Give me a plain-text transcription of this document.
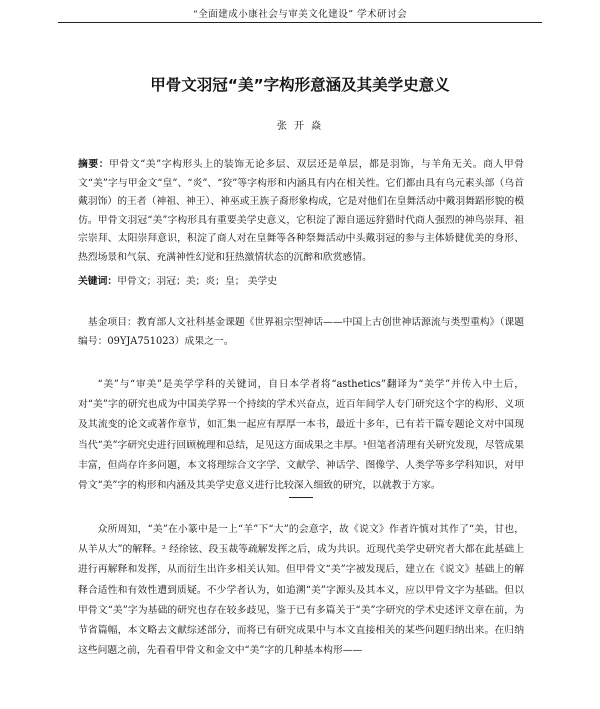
“全面建成小康社会与审美文化建设” 学术研讨会
甲骨文羽冠“美”字构形意涵及其美学史意义
张 开 焱

摘要：甲骨文“美”字构形头上的装饰无论多层、双层还是单层，都是羽饰，与羊角无关。商人甲骨文“美”字与甲金文“皇”、“炎”、“狡”等字构形和内涵具有内在相关性。它们都由具有乌元素头部（乌首戴羽饰）的王者（神祖、神王）、神巫或王族子裔形象构成，它是对他们在皇舞活动中戴羽舞蹈形貌的模仿。甲骨文羽冠“美”字构形具有重要美学史意义，它积淀了源自遥远狩猎时代商人强烈的神鸟崇拜、祖宗崇拜、太阳崇拜意识，积淀了商人对在皇舞等各种祭舞活动中头戴羽冠的参与主体娇健优美的身形、热烈场景和气氛、充满神性幻觉和狂热激情状态的沉醉和欣赏感情。

关键词：甲骨文；羽冠；美；炎；皇； 美学史

基金项目：教育部人文社科基金课题《世界祖宗型神话——中国上古创世神话源流与类型重构》（课题编号：09YJA751023）成果之一。

“美”与“审美”是美学学科的关键词，自日本学者将“asthetics”翻译为“美学”并传入中土后，对“美”字的研究也成为中国美学界一个持续的学术兴奋点，近百年间学人专门研究这个字的构形、义项及其流变的论文或著作章节，如汇集一起应有厚厚一本书，最近十多年，已有若干篇专题论文对中国现当代“美”字研究史进行回顾梳理和总结，足见这方面成果之丰厚。¹但笔者清理有关研究发现，尽管成果丰富，但尚存许多问题，本文将理综合文字学、文献学、神话学、图像学、人类学等多学科知识，对甲骨文“美”字的构形和内涵及其美学史意义进行比较深入细致的研究，以就教于方家。

众所周知，“美”在小篆中是一上“羊”下“大”的会意字，故《说文》作者许慎对其作了“美，甘也，从羊从大”的解释。² 经徐铉、段玉裁等疏解发挥之后，成为共识。近现代美学史研究者大都在此基础上进行再解释和发挥，从而衍生出许多相关认知。但甲骨文“美”字被发现后，建立在《说文》基础上的解释合适性和有效性遭到质疑。不少学者认为，如追溯“美”字源头及其本义，应以甲骨文字为基础。但以甲骨文“美”字为基础的研究也存在较多歧见，鉴于已有多篇关于“美”字研究的学术史述评文章在前，为节省篇幅，本文略去文献综述部分，而将已有研究成果中与本文直接相关的某些问题归纳出来。在归纳这些问题之前，先看看甲骨文和金文中“美”字的几种基本构形——
